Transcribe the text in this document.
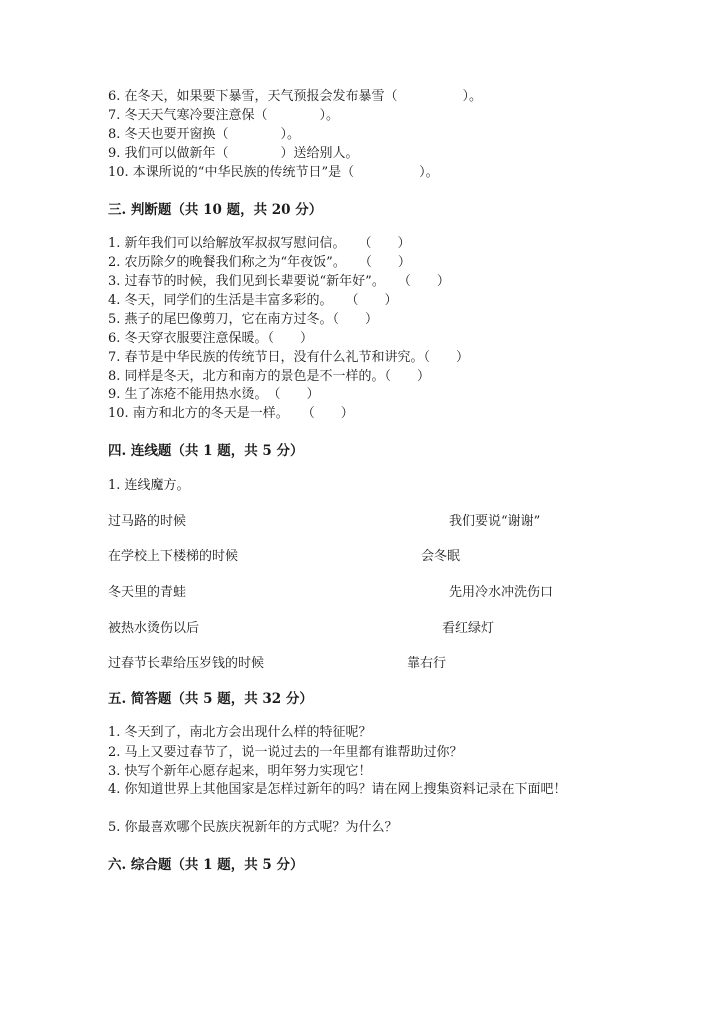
6. 在冬天，如果要下暴雪，天气预报会发布暴雪（　　　　　）。
7. 冬天天气寒冷要注意保（　　　　）。
8. 冬天也要开窗换（　　　　）。
9. 我们可以做新年（　　　　）送给别人。
10. 本课所说的“中华民族的传统节日”是（　　　　　）。
三. 判断题（共 10 题，共 20 分）
1. 新年我们可以给解放军叔叔写慰问信。　　（　　）
2. 农历除夕的晚餐我们称之为“年夜饭”。　　（　　）
3. 过春节的时候，我们见到长辈要说“新年好”。　　（　　）
4. 冬天，同学们的生活是丰富多彩的。　　（　　）
5. 燕子的尾巴像剪刀，它在南方过冬。（　　）
6. 冬天穿衣服要注意保暖。（　　）
7. 春节是中华民族的传统节日，没有什么礼节和讲究。（　　）
8. 同样是冬天，北方和南方的景色是不一样的。（　　）
9. 生了冻疮不能用热水烫。　（　　）
10. 南方和北方的冬天是一样。　　（　　）
四. 连线题（共 1 题，共 5 分）
1. 连线魔方。
过马路的时候	我们要说“谢谢”
在学校上下楼梯的时候	会冬眠
冬天里的青蛙	先用冷水冲洗伤口
被热水烫伤以后	看红绿灯
过春节长辈给压岁钱的时候	靠右行
五. 简答题（共 5 题，共 32 分）
1. 冬天到了，南北方会出现什么样的特征呢？
2. 马上又要过春节了，说一说过去的一年里都有谁帮助过你？
3. 快写个新年心愿存起来，明年努力实现它！
4. 你知道世界上其他国家是怎样过新年的吗？请在网上搜集资料记录在下面吧！
5. 你最喜欢哪个民族庆祝新年的方式呢？为什么？
六. 综合题（共 1 题，共 5 分）
